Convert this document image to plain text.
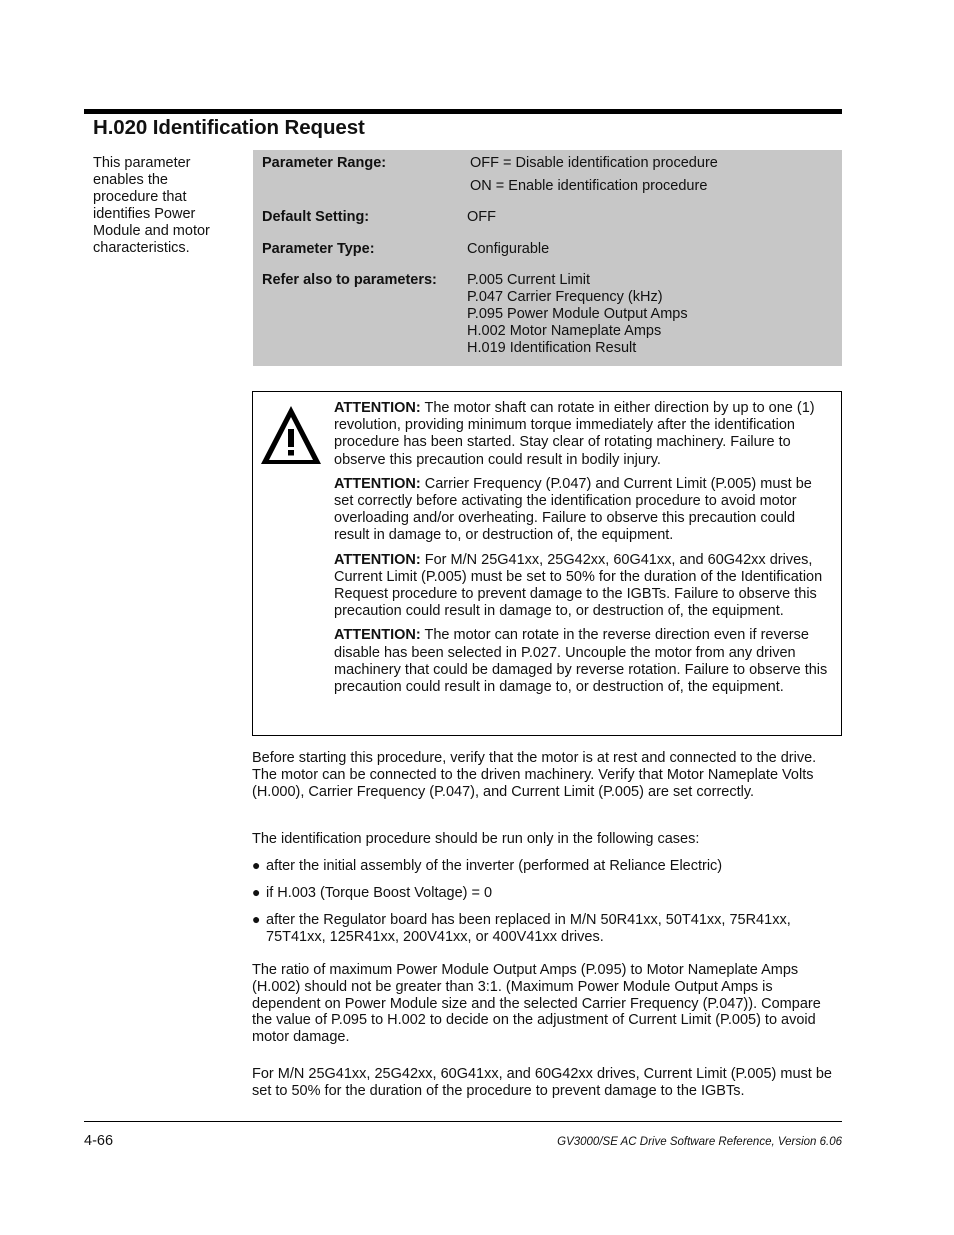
H.020 Identification Request
This parameter enables the procedure that identifies Power Module and motor characteristics.
Parameter Range:	OFF = Disable identification procedure
ON = Enable identification procedure
Default Setting:	OFF
Parameter Type:	Configurable
Refer also to parameters: P.005 Current Limit
P.047 Carrier Frequency (kHz)
P.095 Power Module Output Amps
H.002 Motor Nameplate Amps
H.019 Identification Result

ATTENTION: The motor shaft can rotate in either direction by up to one (1) revolution, providing minimum torque immediately after the identification procedure has been started. Stay clear of rotating machinery. Failure to observe this precaution could result in bodily injury.

ATTENTION: Carrier Frequency (P.047) and Current Limit (P.005) must be set correctly before activating the identification procedure to avoid motor overloading and/or overheating. Failure to observe this precaution could result in damage to, or destruction of, the equipment.

ATTENTION: For M/N 25G41xx, 25G42xx, 60G41xx, and 60G42xx drives, Current Limit (P.005) must be set to 50% for the duration of the Identification Request procedure to prevent damage to the IGBTs. Failure to observe this precaution could result in damage to, or destruction of, the equipment.

ATTENTION: The motor can rotate in the reverse direction even if reverse disable has been selected in P.027. Uncouple the motor from any driven machinery that could be damaged by reverse rotation. Failure to observe this precaution could result in damage to, or destruction of, the equipment.

Before starting this procedure, verify that the motor is at rest and connected to the drive. The motor can be connected to the driven machinery. Verify that Motor Nameplate Volts (H.000), Carrier Frequency (P.047), and Current Limit (P.005) are set correctly.
The identification procedure should be run only in the following cases:
● after the initial assembly of the inverter (performed at Reliance Electric)
● if H.003 (Torque Boost Voltage) = 0
● after the Regulator board has been replaced in M/N 50R41xx, 50T41xx, 75R41xx, 75T41xx, 125R41xx, 200V41xx, or 400V41xx drives.
The ratio of maximum Power Module Output Amps (P.095) to Motor Nameplate Amps (H.002) should not be greater than 3:1. (Maximum Power Module Output Amps is dependent on Power Module size and the selected Carrier Frequency (P.047)). Compare the value of P.095 to H.002 to decide on the adjustment of Current Limit (P.005) to avoid motor damage.
For M/N 25G41xx, 25G42xx, 60G41xx, and 60G42xx drives, Current Limit (P.005) must be set to 50% for the duration of the procedure to prevent damage to the IGBTs.
4-66	GV3000/SE AC Drive Software Reference, Version 6.06
